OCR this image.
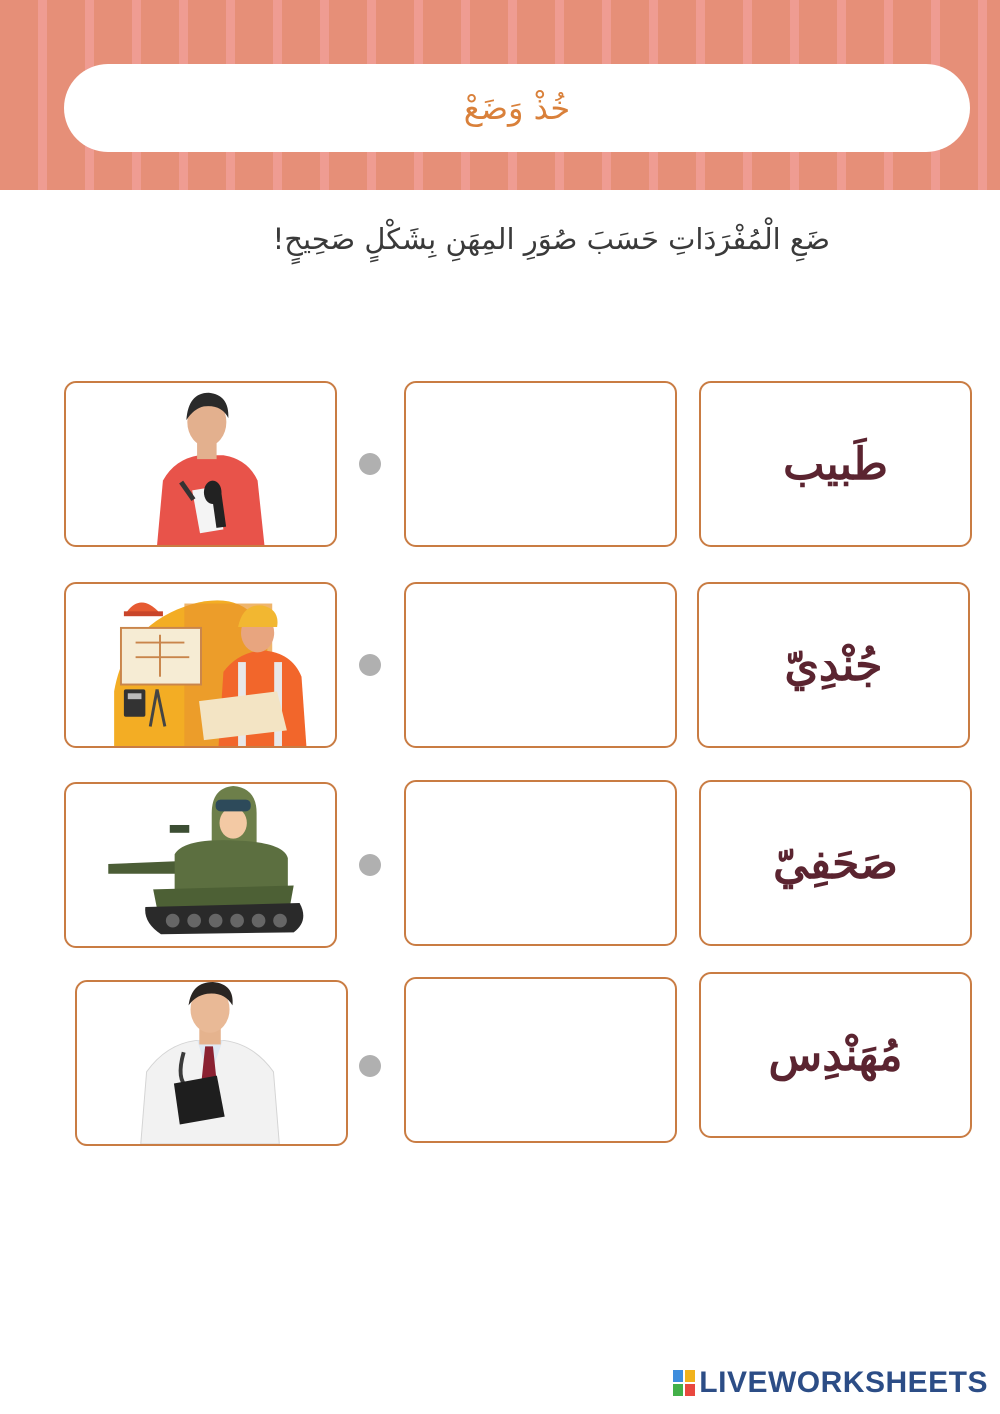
خُذْ وَضَعْ
ضَعِ الْمُفْرَدَاتِ حَسَبَ صُوَرِ المِهَنِ بِشَكْلٍ صَحِيحٍ!
طَبيب
جُنْدِيّ
صَحَفِيّ
مُهَنْدِس
LIVEWORKSHEETS
